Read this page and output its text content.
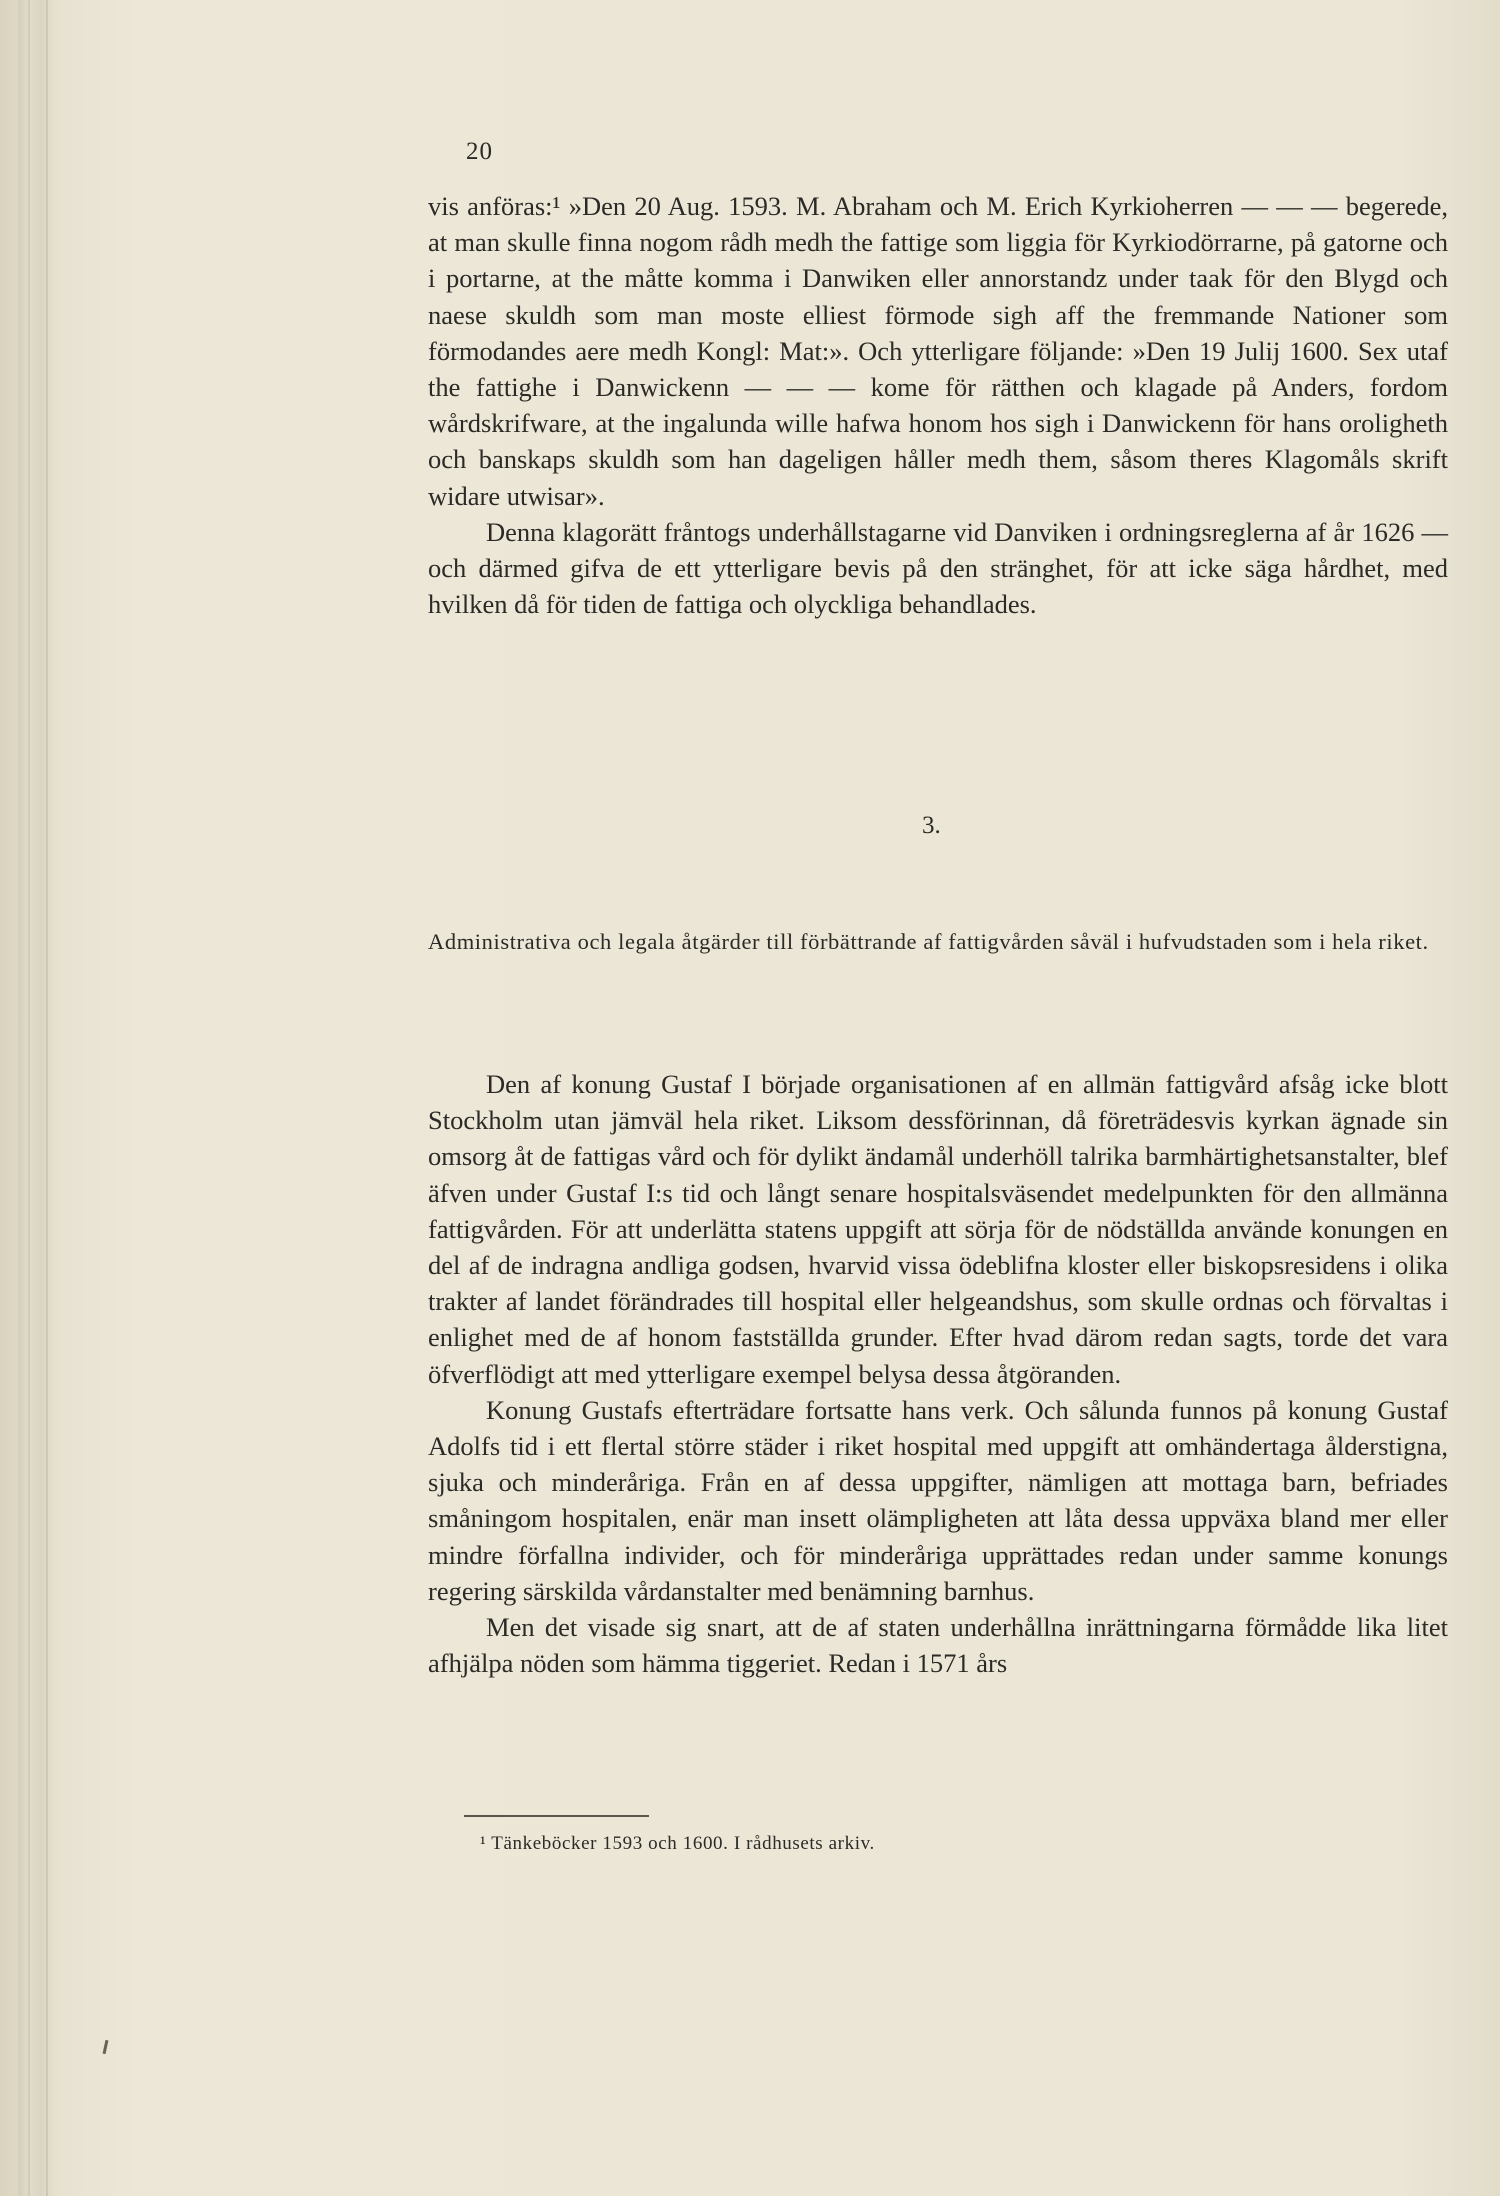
20

vis anföras:¹ »Den 20 Aug. 1593. M. Abraham och M. Erich Kyrkioherren — — — begerede, at man skulle finna nogom rådh medh the fattige som liggia för Kyrkiodörrarne, på gatorne och i portarne, at the måtte komma i Danwiken eller annorstandz under taak för den Blygd och naese skuldh som man moste elliest förmode sigh aff the fremmande Nationer som förmodandes aere medh Kongl: Mat:». Och ytterligare följande: »Den 19 Julij 1600. Sex utaf the fattighe i Danwickenn — — — kome för rätthen och klagade på Anders, fordom wårdskrifware, at the ingalunda wille hafwa honom hos sigh i Danwickenn för hans oroligheth och banskaps skuldh som han dageligen håller medh them, såsom theres Klagomåls skrift widare utwisar».

Denna klagorätt fråntogs underhållstagarne vid Danviken i ordningsreglerna af år 1626 — och därmed gifva de ett ytterligare bevis på den stränghet, för att icke säga hårdhet, med hvilken då för tiden de fattiga och olyckliga behandlades.

3.
Administrativa och legala åtgärder till förbättrande af fattigvården såväl i hufvudstaden som i hela riket.

Den af konung Gustaf I började organisationen af en allmän fattigvård afsåg icke blott Stockholm utan jämväl hela riket. Liksom dessförinnan, då företrädesvis kyrkan ägnade sin omsorg åt de fattigas vård och för dylikt ändamål underhöll talrika barmhärtighetsanstalter, blef äfven under Gustaf I:s tid och långt senare hospitalsväsendet medelpunkten för den allmänna fattigvården. För att underlätta statens uppgift att sörja för de nödställda använde konungen en del af de indragna andliga godsen, hvarvid vissa ödeblifna kloster eller biskopsresidens i olika trakter af landet förändrades till hospital eller helgeandshus, som skulle ordnas och förvaltas i enlighet med de af honom fastställda grunder. Efter hvad därom redan sagts, torde det vara öfverflödigt att med ytterligare exempel belysa dessa åtgöranden.

Konung Gustafs efterträdare fortsatte hans verk. Och sålunda funnos på konung Gustaf Adolfs tid i ett flertal större städer i riket hospital med uppgift att omhändertaga ålderstigna, sjuka och minderåriga. Från en af dessa uppgifter, nämligen att mottaga barn, befriades småningom hospitalen, enär man insett olämpligheten att låta dessa uppväxa bland mer eller mindre förfallna individer, och för minderåriga upprättades redan under samme konungs regering särskilda vårdanstalter med benämning barnhus.

Men det visade sig snart, att de af staten underhållna inrättningarna förmådde lika litet afhjälpa nöden som hämma tiggeriet. Redan i 1571 års

¹ Tänkeböcker 1593 och 1600. I rådhusets arkiv.
